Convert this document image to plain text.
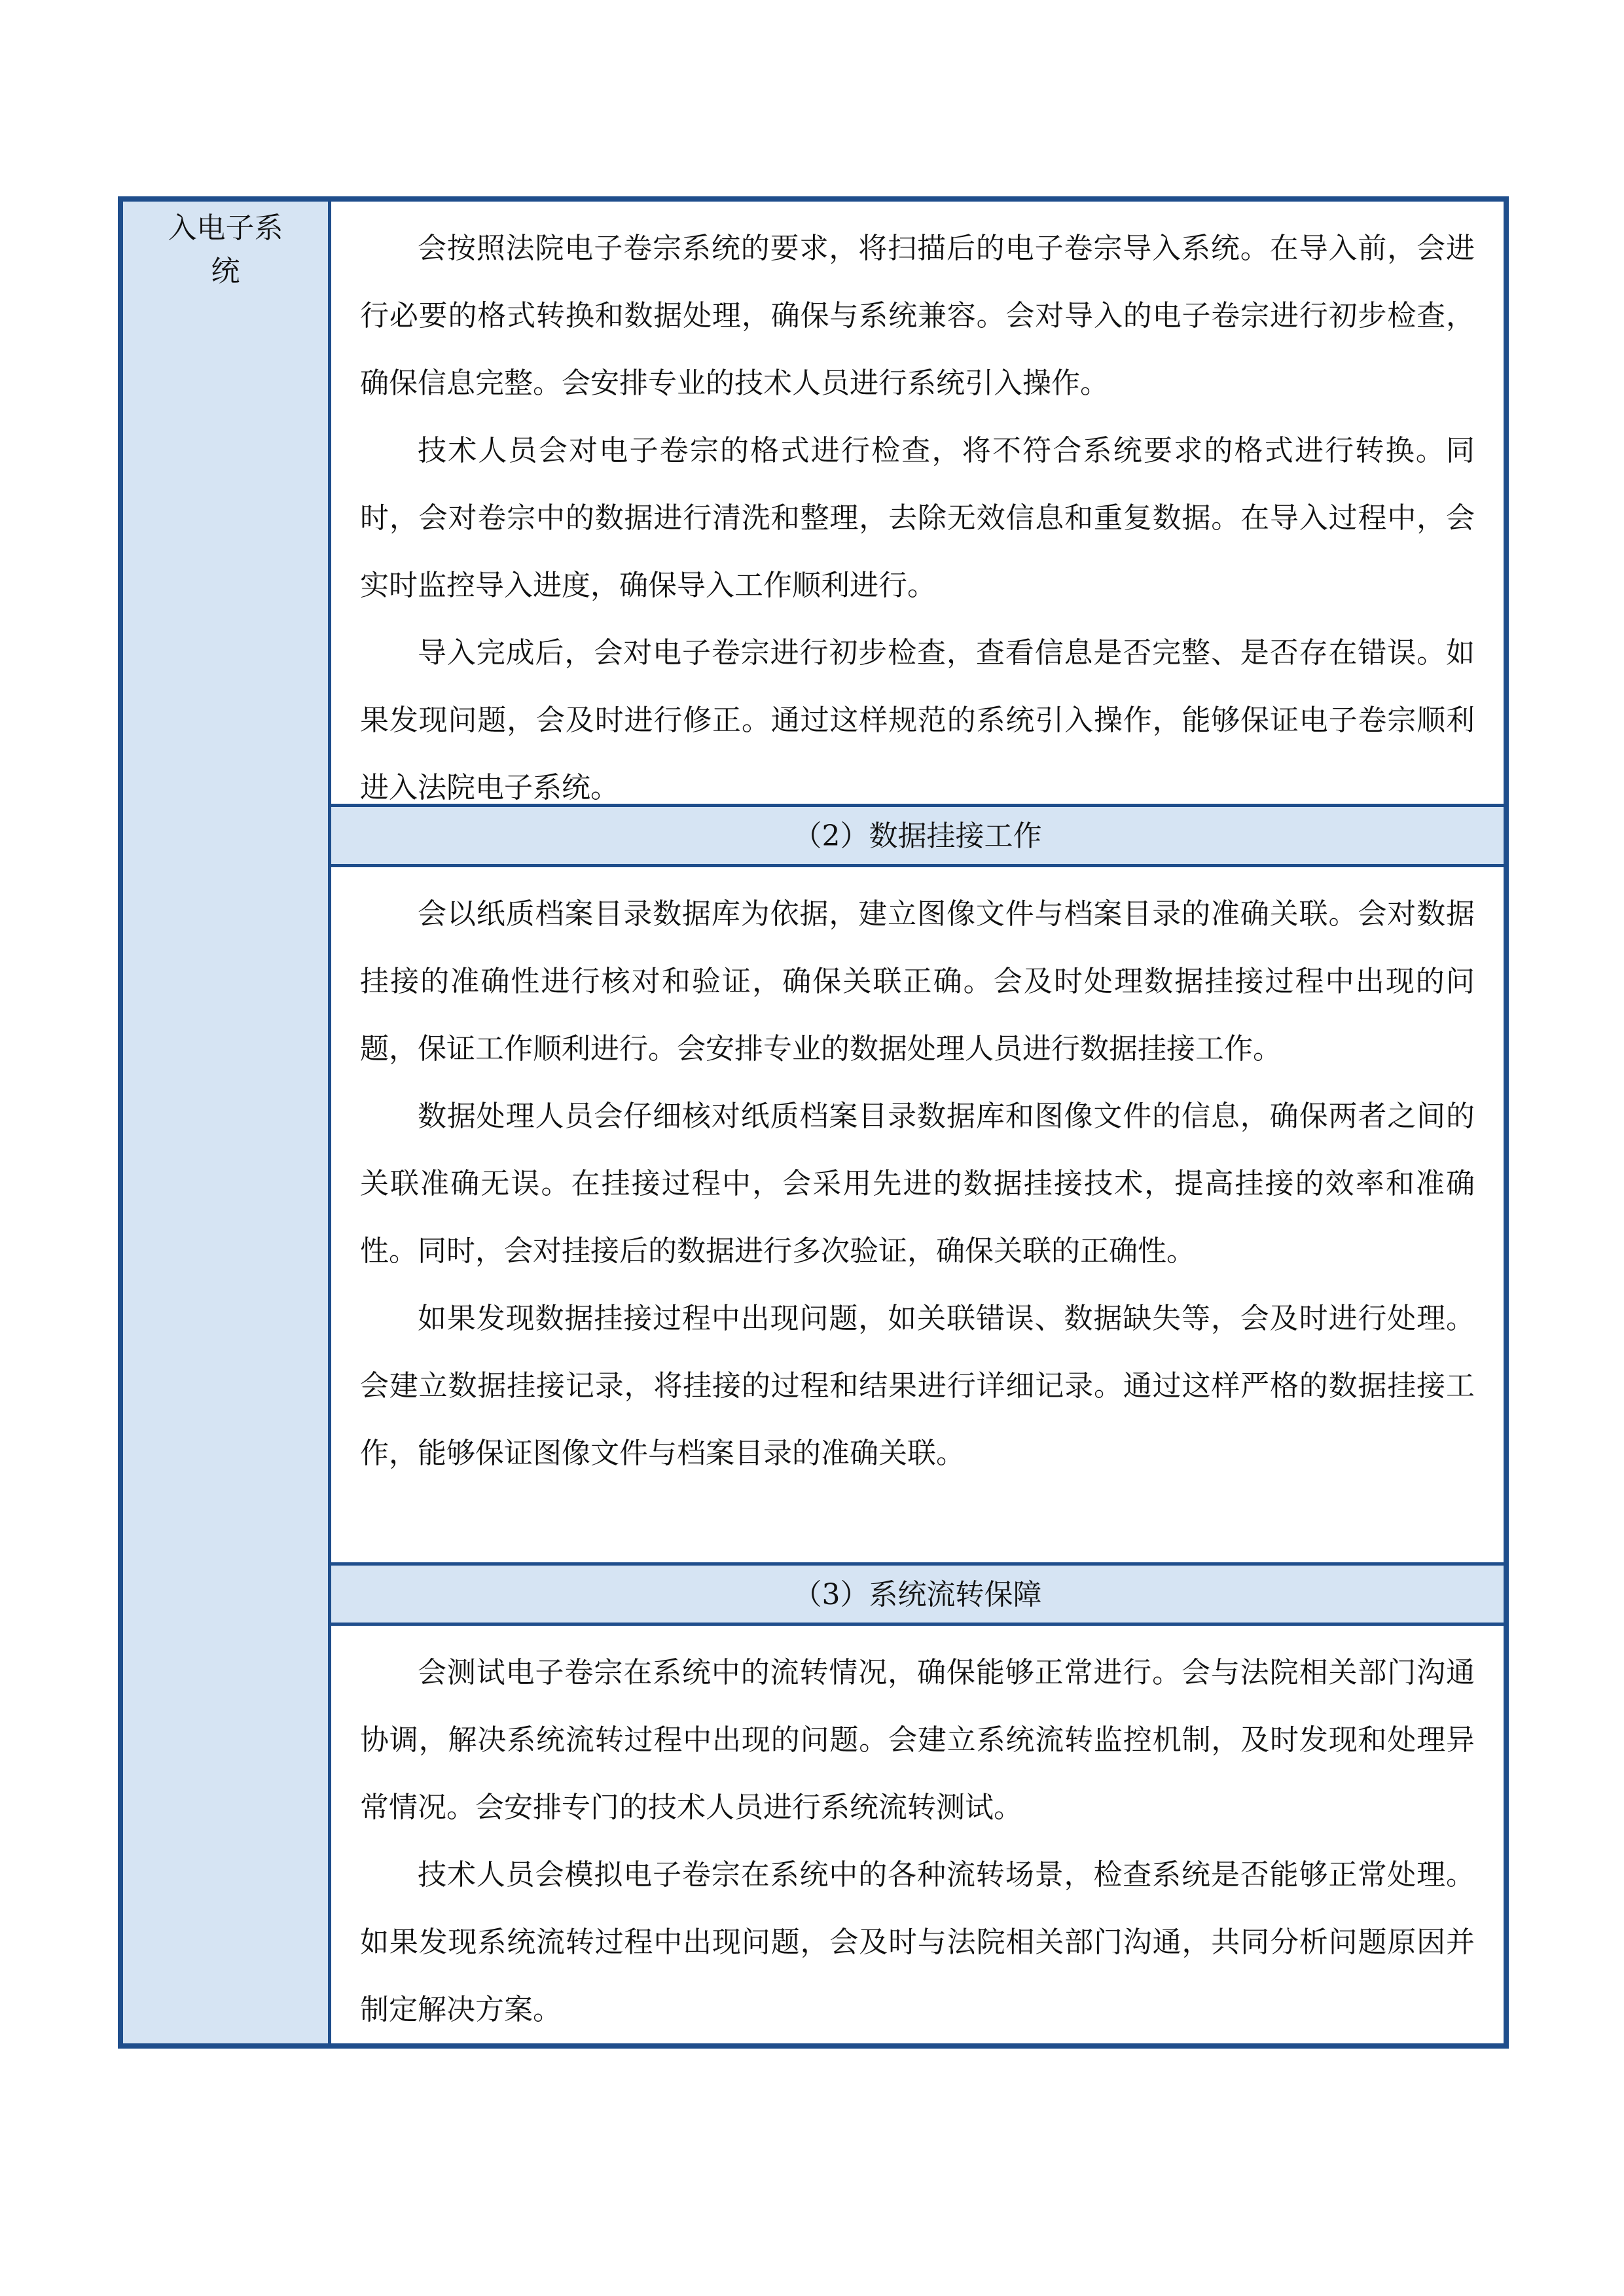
入电子系
统

会按照法院电子卷宗系统的要求，将扫描后的电子卷宗导入系统。在导入前，会进行必要的格式转换和数据处理，确保与系统兼容。会对导入的电子卷宗进行初步检查，确保信息完整。会安排专业的技术人员进行系统引入操作。

技术人员会对电子卷宗的格式进行检查，将不符合系统要求的格式进行转换。同时，会对卷宗中的数据进行清洗和整理，去除无效信息和重复数据。在导入过程中，会实时监控导入进度，确保导入工作顺利进行。

导入完成后，会对电子卷宗进行初步检查，查看信息是否完整、是否存在错误。如果发现问题，会及时进行修正。通过这样规范的系统引入操作，能够保证电子卷宗顺利进入法院电子系统。

（2）数据挂接工作

会以纸质档案目录数据库为依据，建立图像文件与档案目录的准确关联。会对数据挂接的准确性进行核对和验证，确保关联正确。会及时处理数据挂接过程中出现的问题，保证工作顺利进行。会安排专业的数据处理人员进行数据挂接工作。

数据处理人员会仔细核对纸质档案目录数据库和图像文件的信息，确保两者之间的关联准确无误。在挂接过程中，会采用先进的数据挂接技术，提高挂接的效率和准确性。同时，会对挂接后的数据进行多次验证，确保关联的正确性。

如果发现数据挂接过程中出现问题，如关联错误、数据缺失等，会及时进行处理。会建立数据挂接记录，将挂接的过程和结果进行详细记录。通过这样严格的数据挂接工作，能够保证图像文件与档案目录的准确关联。

（3）系统流转保障

会测试电子卷宗在系统中的流转情况，确保能够正常进行。会与法院相关部门沟通协调，解决系统流转过程中出现的问题。会建立系统流转监控机制，及时发现和处理异常情况。会安排专门的技术人员进行系统流转测试。

技术人员会模拟电子卷宗在系统中的各种流转场景，检查系统是否能够正常处理。如果发现系统流转过程中出现问题，会及时与法院相关部门沟通，共同分析问题原因并制定解决方案。
